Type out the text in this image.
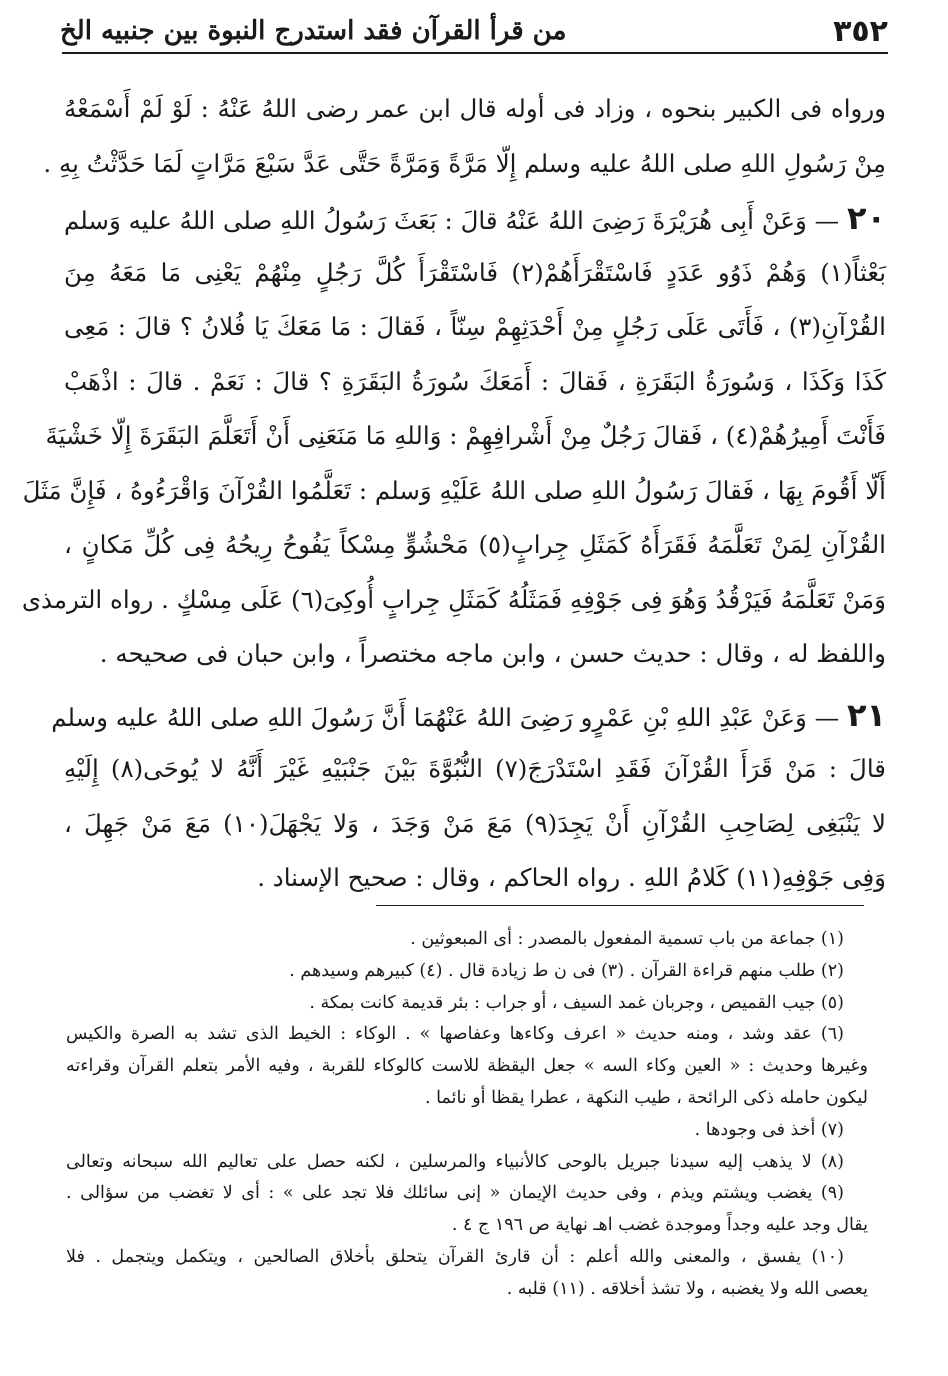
٣٥٢
من قرأ القرآن فقد استدرج النبوة بين جنبيه الخ
ورواه فى الكبير بنحوه ، وزاد فى أوله قال ابن عمر رضى اللهُ عَنْهُ : لَوْ لَمْ أَسْمَعْهُ
مِنْ رَسُولِ اللهِ صلى اللهُ عليه وسلم إِلّا مَرَّةً وَمَرَّةً حَتَّى عَدَّ سَبْعَ مَرَّاتٍ لَمَا حَدَّثْتُ بِهِ .
٢٠ — وَعَنْ أَبِى هُرَيْرَةَ رَضِىَ اللهُ عَنْهُ قالَ : بَعَثَ رَسُولُ اللهِ صلى اللهُ عليه وَسلم
بَعْثاً(١) وَهُمْ ذَوُو عَدَدٍ فَاسْتَقْرَأَهُمْ(٢) فَاسْتَقْرَأَ كُلَّ رَجُلٍ مِنْهُمْ يَعْنِى مَا مَعَهُ مِنَ
القُرْآنِ(٣) ، فَأَتَى عَلَى رَجُلٍ مِنْ أَحْدَثِهِمْ سِنّاً ، فَقالَ : مَا مَعَكَ يَا فُلانُ ؟ قالَ : مَعِى
كَذَا وَكَذَا ، وَسُورَةُ البَقَرَةِ ، فَقالَ : أَمَعَكَ سُورَةُ البَقَرَةِ ؟ قالَ : نَعَمْ . قالَ : اذْهَبْ
فَأَنْتَ أَمِيرُهُمْ(٤) ، فَقالَ رَجُلٌ مِنْ أَشْرافِهِمْ : وَاللهِ مَا مَنَعَنِى أَنْ أَتَعَلَّمَ البَقَرَةَ إِلّا خَشْيَةَ
أَلّا أَقُومَ بِهَا ، فَقالَ رَسُولُ اللهِ صلى اللهُ عَلَيْهِ وَسلم : تَعَلَّمُوا القُرْآنَ وَاقْرَءُوهُ ، فَإِنَّ مَثَلَ
القُرْآنِ لِمَنْ تَعَلَّمَهُ فَقَرَأَهُ كَمَثَلِ جِرابٍ(٥) مَحْشُوٍّ مِسْكاً يَفُوحُ رِيحُهُ فِى كُلِّ مَكانٍ ،
وَمَنْ تَعَلَّمَهُ فَيَرْقُدُ وَهُوَ فِى جَوْفِهِ فَمَثَلُهُ كَمَثَلِ جِرابٍ أُوكِىَ(٦) عَلَى مِسْكٍ . رواه الترمذى
واللفظ له ، وقال : حديث حسن ، وابن ماجه مختصراً ، وابن حبان فى صحيحه .
٢١ — وَعَنْ عَبْدِ اللهِ بْنِ عَمْرٍو رَضِىَ اللهُ عَنْهُمَا أَنَّ رَسُولَ اللهِ صلى اللهُ عليه وسلم
قالَ : مَنْ قَرَأَ القُرْآنَ فَقَدِ اسْتَدْرَجَ(٧) النُّبُوَّةَ بَيْنَ جَنْبَيْهِ غَيْرَ أَنَّهُ لا يُوحَى(٨) إِلَيْهِ
لا يَنْبَغِى لِصَاحِبِ القُرْآنِ أَنْ يَجِدَ(٩) مَعَ مَنْ وَجَدَ ، وَلا يَجْهَلَ(١٠) مَعَ مَنْ جَهِلَ ،
وَفِى جَوْفِهِ(١١) كَلامُ اللهِ . رواه الحاكم ، وقال : صحيح الإسناد .
(١) جماعة من باب تسمية المفعول بالمصدر : أى المبعوثين .
(٢) طلب منهم قراءة القرآن . (٣) فى ن ط زيادة قال . (٤) كبيرهم وسيدهم .
(٥) جيب القميص ، وجربان غمد السيف ، أو جراب : بئر قديمة كانت بمكة .
(٦) عقد وشد ، ومنه حديث « اعرف وكاءها وعفاصها » . الوكاء : الخيط الذى تشد به الصرة والكيس
وغيرها وحديث : « العين وكاء السه » جعل اليقظة للاست كالوكاء للقربة ، وفيه الأمر بتعلم القرآن وقراءته
ليكون حامله ذكى الرائحة ، طيب النكهة ، عطرا يقظا أو نائما .
(٧) أخذ فى وجودها .
(٨) لا يذهب إليه سيدنا جبريل بالوحى كالأنبياء والمرسلين ، لكنه حصل على تعاليم الله سبحانه وتعالى
(٩) يغضب ويشتم ويذم ، وفى حديث الإيمان « إنى سائلك فلا تجد على » : أى لا تغضب من سؤالى .
يقال وجد عليه وجداً وموجدة غضب اهـ نهاية ص ١٩٦ ج ٤ .
(١٠) يفسق ، والمعنى والله أعلم : أن قارئ القرآن يتحلق بأخلاق الصالحين ، ويتكمل ويتجمل . فلا
يعصى الله ولا يغضبه ، ولا تشذ أخلاقه . (١١) قلبه .
